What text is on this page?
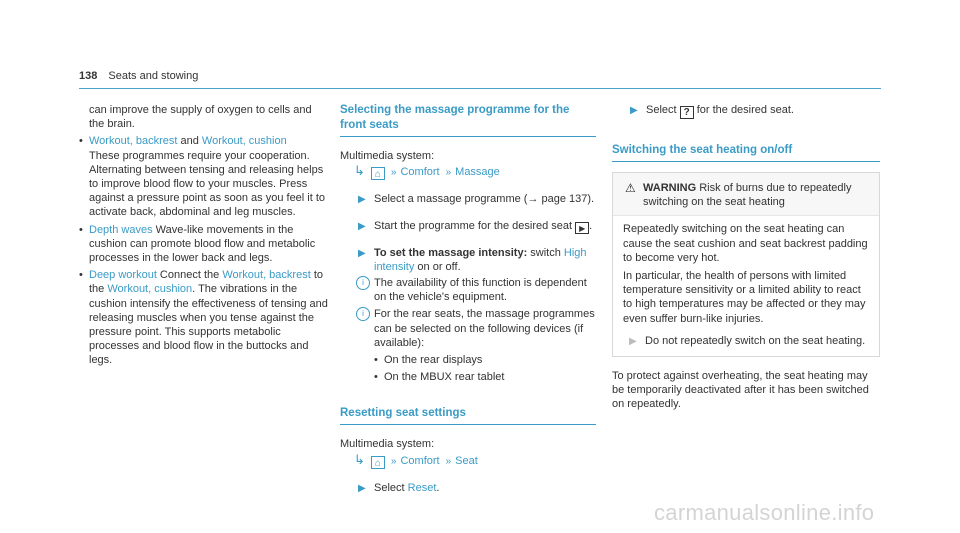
138 Seats and stowing

can improve the supply of oxygen to cells and the brain.

• Workout, backrest and Workout, cushion
These programmes require your cooperation. Alternating between tensing and releasing helps to improve blood flow to your muscles. Press against a pressure point as soon as you feel it to activate back, abdominal and leg muscles.
• Depth waves Wave-like movements in the cushion can promote blood flow and metabolic processes in the lower back and legs.
• Deep workout Connect the Workout, backrest to the Workout, cushion. The vibrations in the cushion intensify the effectiveness of tensing and releasing muscles when you tense against the pressure point. This supports metabolic processes and blood flow in the buttocks and legs.

Selecting the massage programme for the front seats

Multimedia system:

↳ ⌂ » Comfort » Massage
▶ Select a massage programme (→ page 137).
▶ Start the programme for the desired seat ▶ .
▶ To set the massage intensity: switch High intensity on or off.
i The availability of this function is dependent on the vehicle's equipment.
i For the rear seats, the massage programmes can be selected on the following devices (if available):
• On the rear displays
• On the MBUX rear tablet

Resetting seat settings

Multimedia system:

↳ ⌂ » Comfort » Seat
▶ Select Reset.
▶ Select ? for the desired seat.

Switching the seat heating on/off

⚠ WARNING Risk of burns due to repeatedly switching on the seat heating

Repeatedly switching on the seat heating can cause the seat cushion and seat backrest padding to become very hot.

In particular, the health of persons with limited temperature sensitivity or a limited ability to react to high temperatures may be affected or they may even suffer burn-like injuries.

▶ Do not repeatedly switch on the seat heating.

To protect against overheating, the seat heating may be temporarily deactivated after it has been switched on repeatedly.

carmanualsonline.info
